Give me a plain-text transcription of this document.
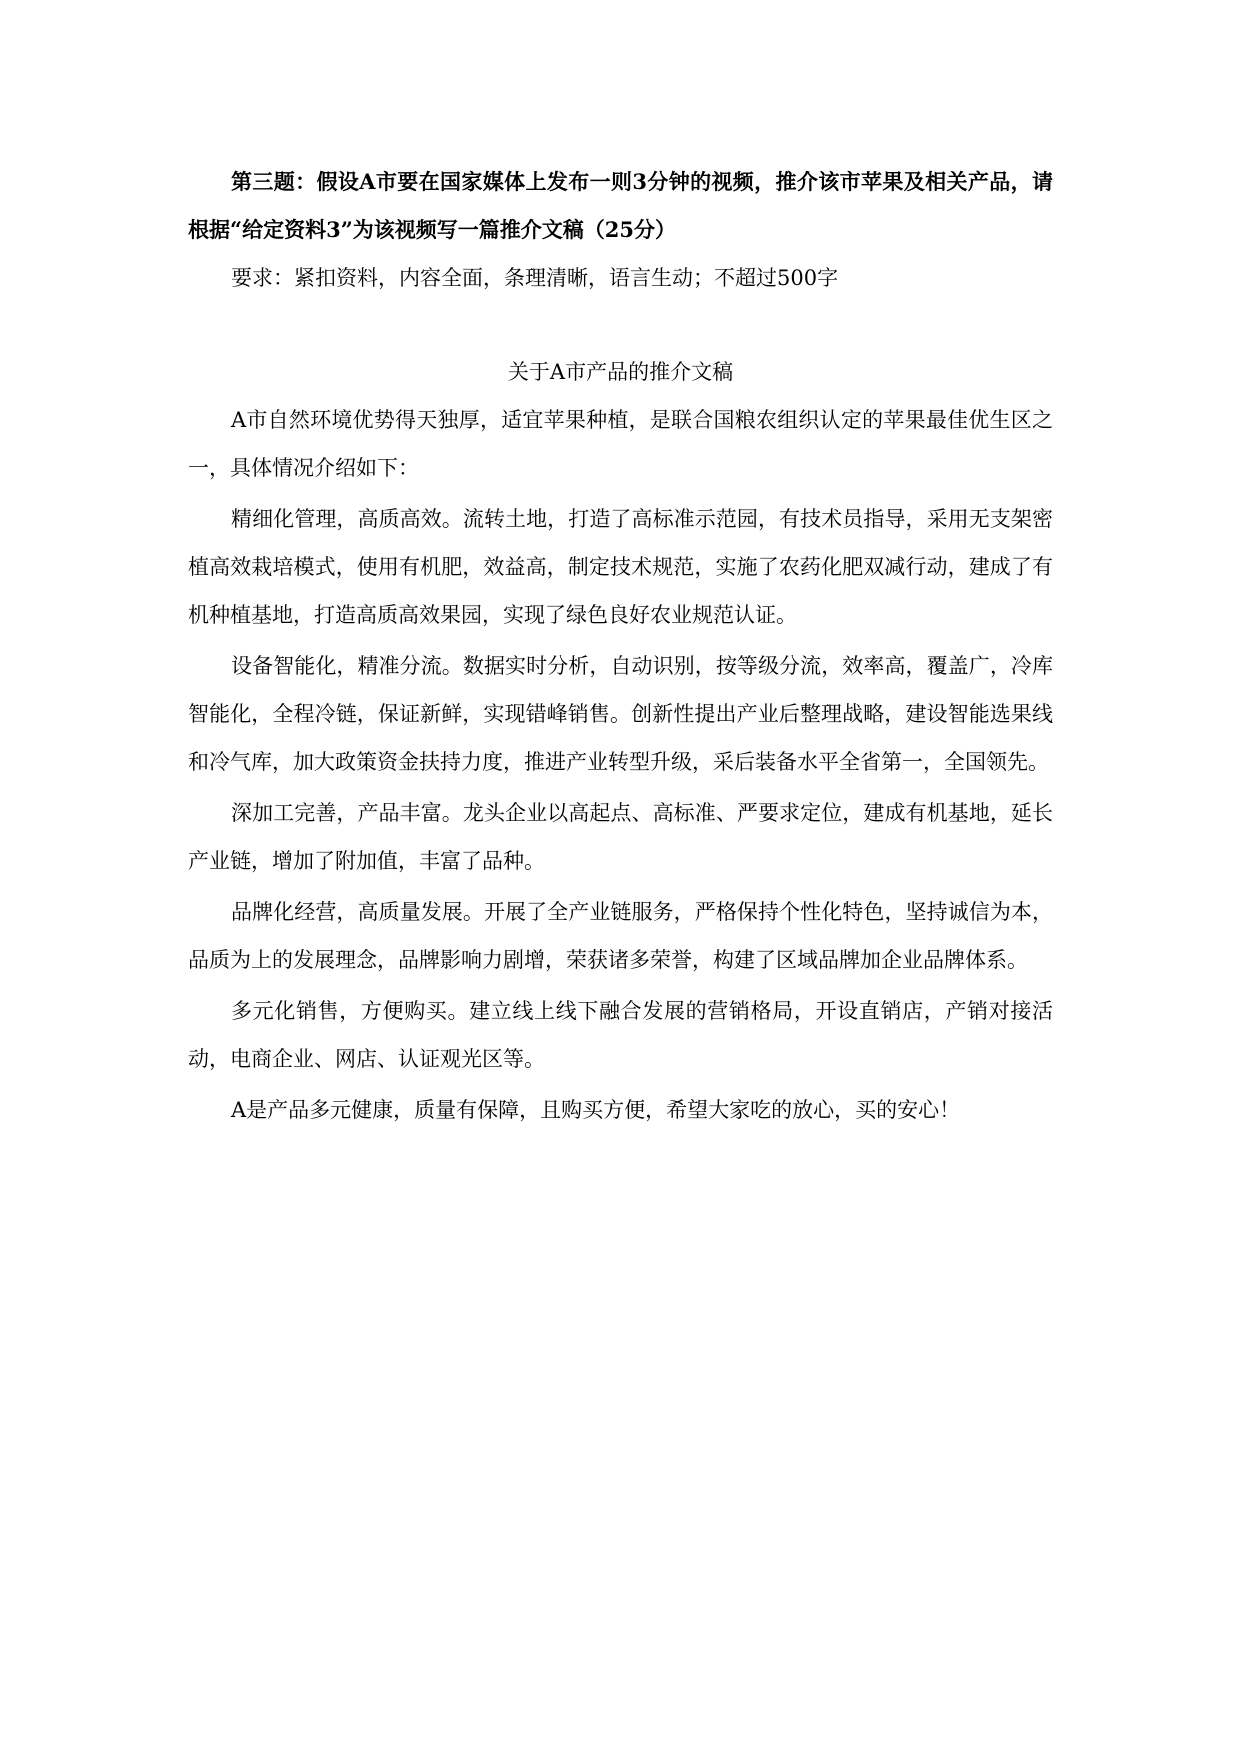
第三题：假设A市要在国家媒体上发布一则3分钟的视频，推介该市苹果及相关产品，请根据“给定资料3”为该视频写一篇推介文稿（25分）

要求：紧扣资料，内容全面，条理清晰，语言生动；不超过500字

关于A市产品的推介文稿

A市自然环境优势得天独厚，适宜苹果种植，是联合国粮农组织认定的苹果最佳优生区之一，具体情况介绍如下：

精细化管理，高质高效。流转土地，打造了高标准示范园，有技术员指导，采用无支架密植高效栽培模式，使用有机肥，效益高，制定技术规范，实施了农药化肥双减行动，建成了有机种植基地，打造高质高效果园，实现了绿色良好农业规范认证。

设备智能化，精准分流。数据实时分析，自动识别，按等级分流，效率高，覆盖广，冷库智能化，全程冷链，保证新鲜，实现错峰销售。创新性提出产业后整理战略，建设智能选果线和冷气库，加大政策资金扶持力度，推进产业转型升级，采后装备水平全省第一，全国领先。

深加工完善，产品丰富。龙头企业以高起点、高标准、严要求定位，建成有机基地，延长产业链，增加了附加值，丰富了品种。

品牌化经营，高质量发展。开展了全产业链服务，严格保持个性化特色，坚持诚信为本，品质为上的发展理念，品牌影响力剧增，荣获诸多荣誉，构建了区域品牌加企业品牌体系。

多元化销售，方便购买。建立线上线下融合发展的营销格局，开设直销店，产销对接活动，电商企业、网店、认证观光区等。

A是产品多元健康，质量有保障，且购买方便，希望大家吃的放心，买的安心！
